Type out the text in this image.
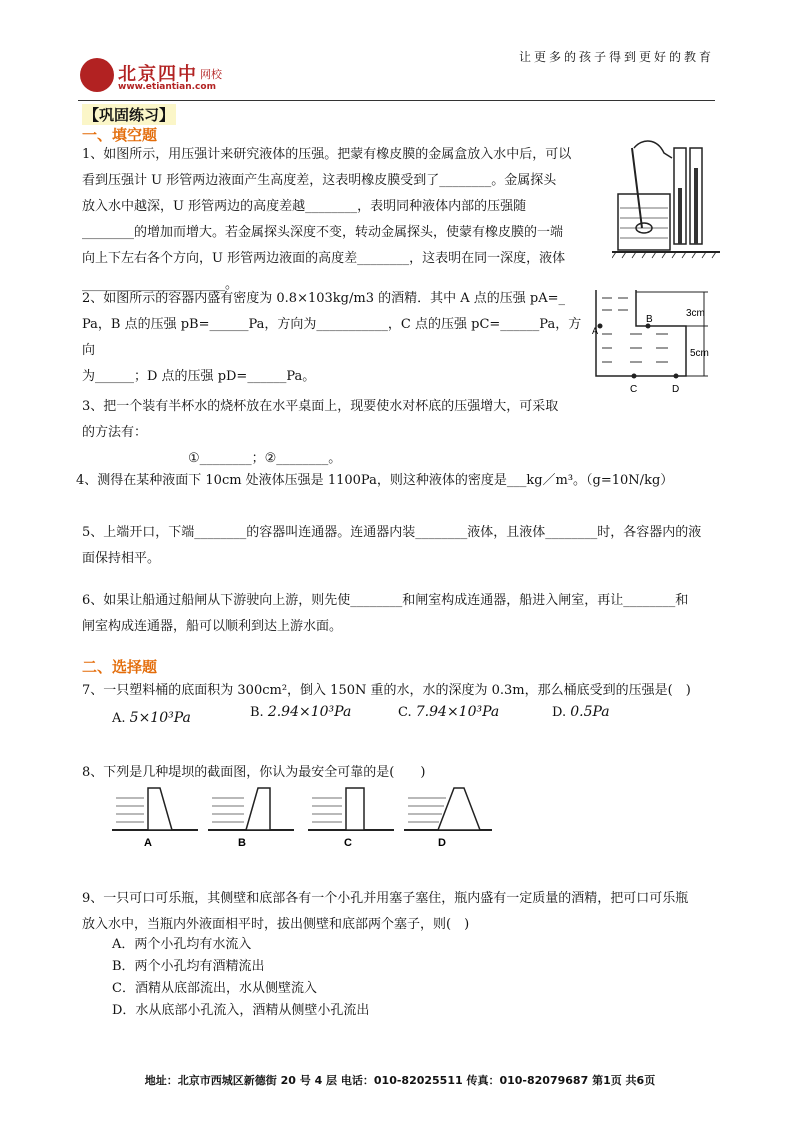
让更多的孩子得到更好的教育
北京四中 网校
www.etiantian.com
【巩固练习】
一、填空题
1、如图所示，用压强计来研究液体的压强。把蒙有橡皮膜的金属盒放入水中后，可以
看到压强计 U 形管两边液面产生高度差，这表明橡皮膜受到了________。金属探头
放入水中越深，U 形管两边的高度差越________，表明同种液体内部的压强随
________的增加而增大。若金属探头深度不变，转动金属探头，使蒙有橡皮膜的一端
向上下左右各个方向，U 形管两边液面的高度差________，这表明在同一深度，液体
______________________。
2、如图所示的容器内盛有密度为 0.8×103kg/m3 的酒精．其中 A 点的压强 pA=_
Pa，B 点的压强 pB=______Pa，方向为___________，C 点的压强 pC=______Pa，方向
为______；D 点的压强 pD=______Pa。
3cm
5cm
A
B
C	D
3、把一个装有半杯水的烧杯放在水平桌面上，现要使水对杯底的压强增大，可采取
的方法有：
①________；②________。
4、测得在某种液面下 10cm 处液体压强是 1100Pa，则这种液体的密度是___kg／m³。（g=10N/kg）
5、上端开口，下端________的容器叫连通器。连通器内装________液体，且液体________时，各容器内的液
面保持相平。
6、如果让船通过船闸从下游驶向上游，则先使________和闸室构成连通器，船进入闸室，再让________和
闸室构成连通器，船可以顺利到达上游水面。
二、选择题
7、一只塑料桶的底面积为 300cm²，倒入 150N 重的水，水的深度为 0.3m，那么桶底受到的压强是(　)
A. 5×10³Pa	B. 2.94×10³Pa	C. 7.94×10³Pa	D. 0.5Pa
8、下列是几种堤坝的截面图，你认为最安全可靠的是(　　)
A	B	C	D
9、一只可口可乐瓶，其侧壁和底部各有一个小孔并用塞子塞住，瓶内盛有一定质量的酒精，把可口可乐瓶
放入水中，当瓶内外液面相平时，拔出侧壁和底部两个塞子，则(　)
A．两个小孔均有水流入
B．两个小孔均有酒精流出
C．酒精从底部流出，水从侧壁流入
D．水从底部小孔流入，酒精从侧壁小孔流出
地址：北京市西城区新德街 20 号 4 层 电话：010-82025511 传真：010-82079687 第1页 共6页
